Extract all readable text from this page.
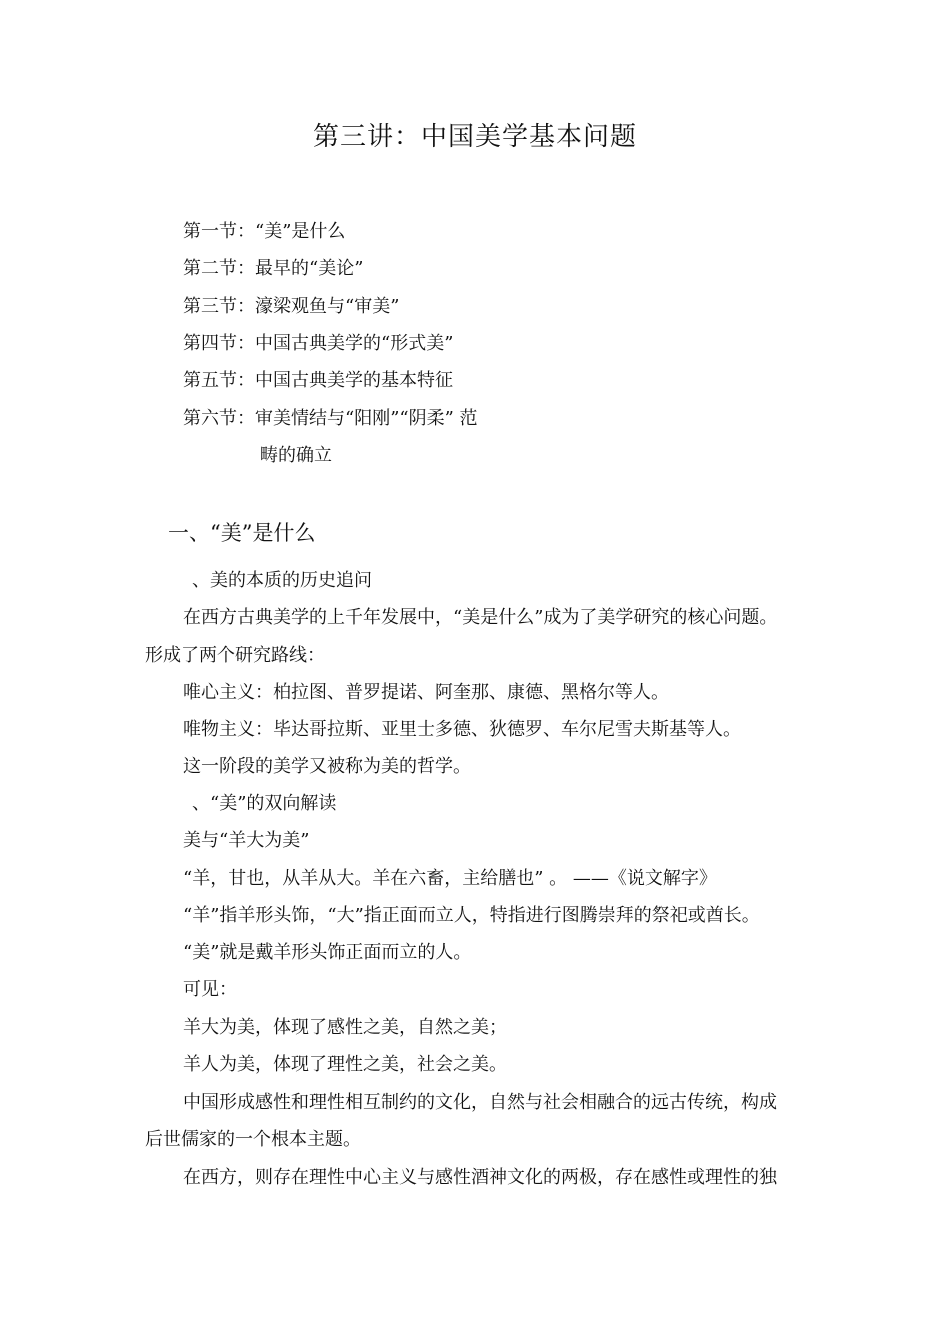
第三讲：中国美学基本问题
第一节：“美”是什么
第二节：最早的“美论”
第三节：濠梁观鱼与“审美”
第四节：中国古典美学的“形式美”
第五节：中国古典美学的基本特征
第六节：审美情结与“阳刚”“阴柔” 范
畴的确立
一、“美”是什么
、美的本质的历史追问
在西方古典美学的上千年发展中，“美是什么”成为了美学研究的核心问题。
形成了两个研究路线：
唯心主义：柏拉图、普罗提诺、阿奎那、康德、黑格尔等人。
唯物主义：毕达哥拉斯、亚里士多德、狄德罗、车尔尼雪夫斯基等人。
这一阶段的美学又被称为美的哲学。
、“美”的双向解读
美与“羊大为美”
“羊，甘也，从羊从大。羊在六畜，主给膳也” 。 ——《说文解字》
“羊”指羊形头饰，“大”指正面而立人，特指进行图腾崇拜的祭祀或酋长。
“美”就是戴羊形头饰正面而立的人。
可见：
羊大为美，体现了感性之美，自然之美；
羊人为美，体现了理性之美，社会之美。
中国形成感性和理性相互制约的文化，自然与社会相融合的远古传统，构成
后世儒家的一个根本主题。
在西方，则存在理性中心主义与感性酒神文化的两极，存在感性或理性的独
